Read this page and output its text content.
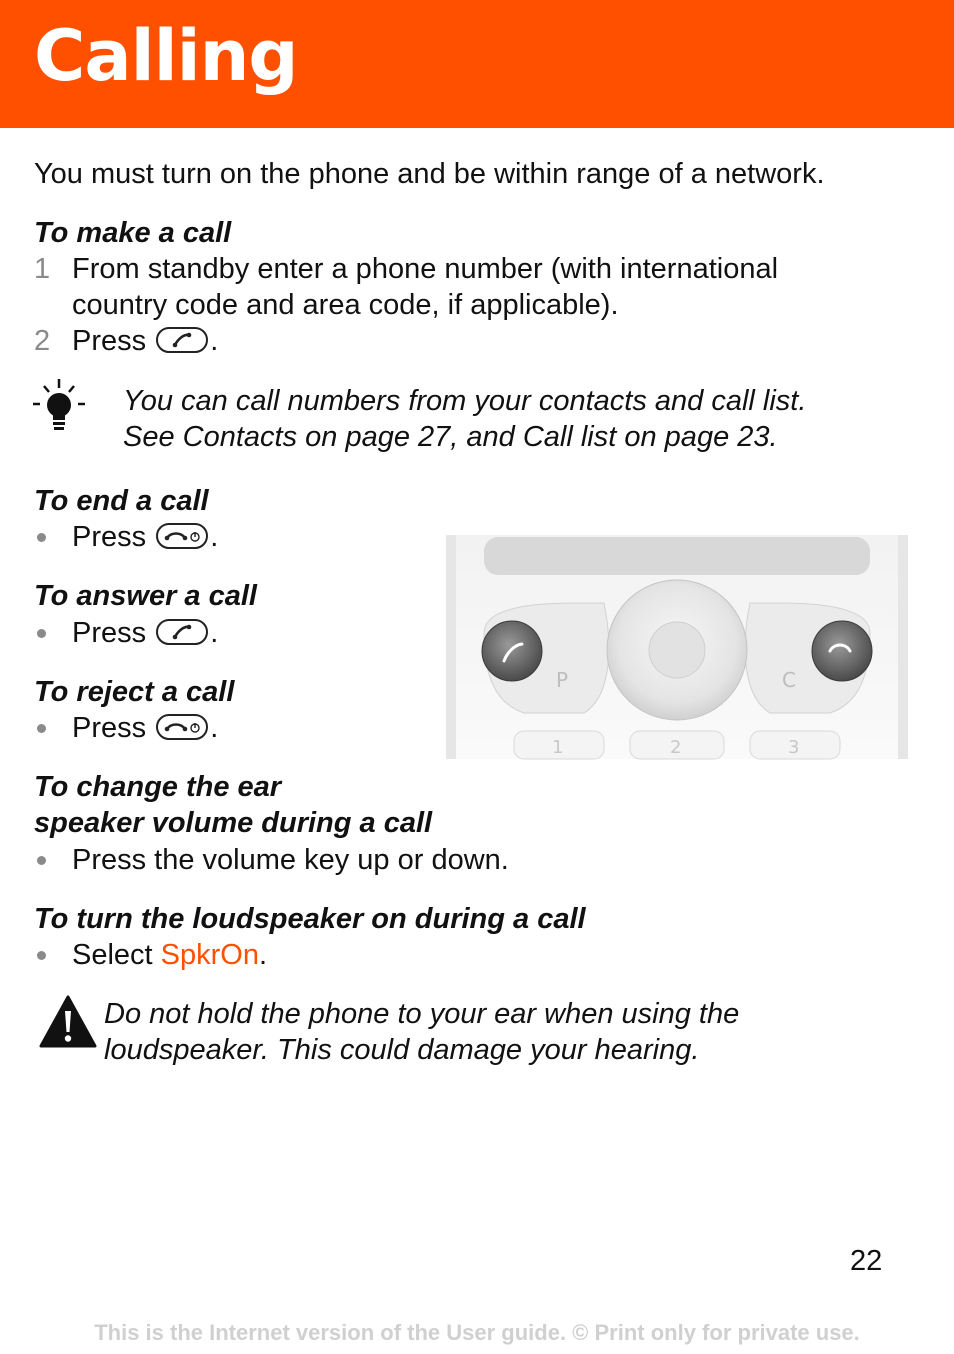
Calling
You must turn on the phone and be within range of a network.
To make a call
1 From standby enter a phone number (with international
country code and area code, if applicable).
2 Press .
You can call numbers from your contacts and call list.
See Contacts on page 27, and Call list on page 23.
To end a call
Press .
To answer a call
Press .
To reject a call
Press .
P	C
1	2	3
To change the ear
speaker volume during a call
Press the volume key up or down.
To turn the loudspeaker on during a call
Select SpkrOn.
Do not hold the phone to your ear when using the
loudspeaker. This could damage your hearing.
22
This is the Internet version of the User guide. © Print only for private use.
